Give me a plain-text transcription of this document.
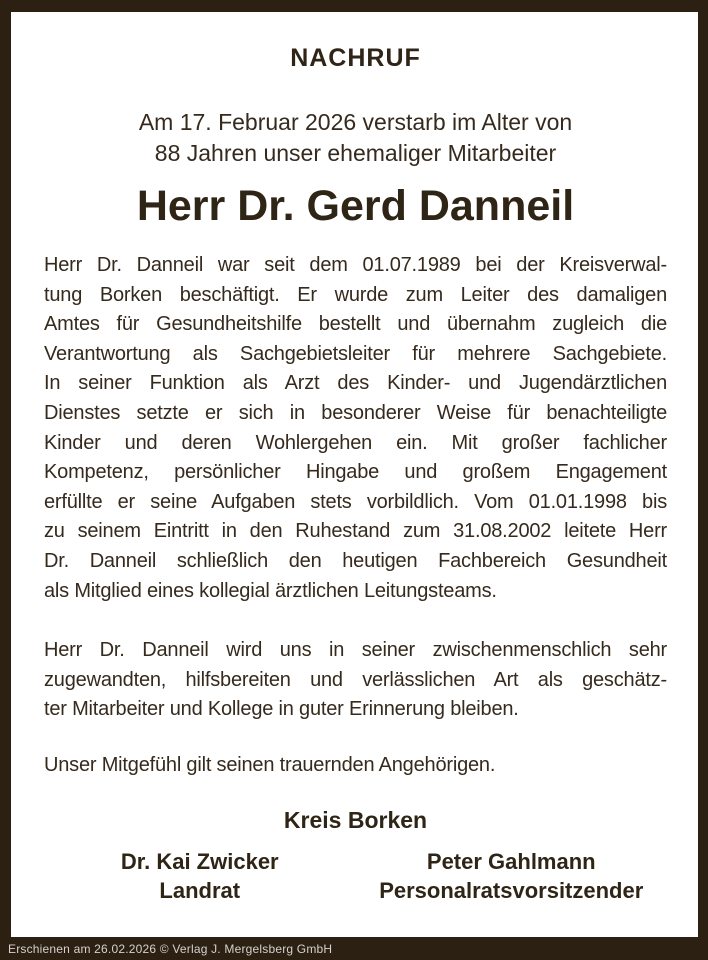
NACHRUF
Am 17. Februar 2026 verstarb im Alter von
88 Jahren unser ehemaliger Mitarbeiter
Herr Dr. Gerd Danneil
Herr Dr. Danneil war seit dem 01.07.1989 bei der Kreisverwal-
tung Borken beschäftigt. Er wurde zum Leiter des damaligen
Amtes für Gesundheitshilfe bestellt und übernahm zugleich die
Verantwortung als Sachgebietsleiter für mehrere Sachgebiete.
In seiner Funktion als Arzt des Kinder- und Jugendärztlichen
Dienstes setzte er sich in besonderer Weise für benachteiligte
Kinder und deren Wohlergehen ein. Mit großer fachlicher
Kompetenz, persönlicher Hingabe und großem Engagement
erfüllte er seine Aufgaben stets vorbildlich. Vom 01.01.1998 bis
zu seinem Eintritt in den Ruhestand zum 31.08.2002 leitete Herr
Dr. Danneil schließlich den heutigen Fachbereich Gesundheit
als Mitglied eines kollegial ärztlichen Leitungsteams.
Herr Dr. Danneil wird uns in seiner zwischenmenschlich sehr
zugewandten, hilfsbereiten und verlässlichen Art als geschätz-
ter Mitarbeiter und Kollege in guter Erinnerung bleiben.
Unser Mitgefühl gilt seinen trauernden Angehörigen.
Kreis Borken
Dr. Kai Zwicker
Landrat
Peter Gahlmann
Personalratsvorsitzender
Erschienen am 26.02.2026 © Verlag J. Mergelsberg GmbH
